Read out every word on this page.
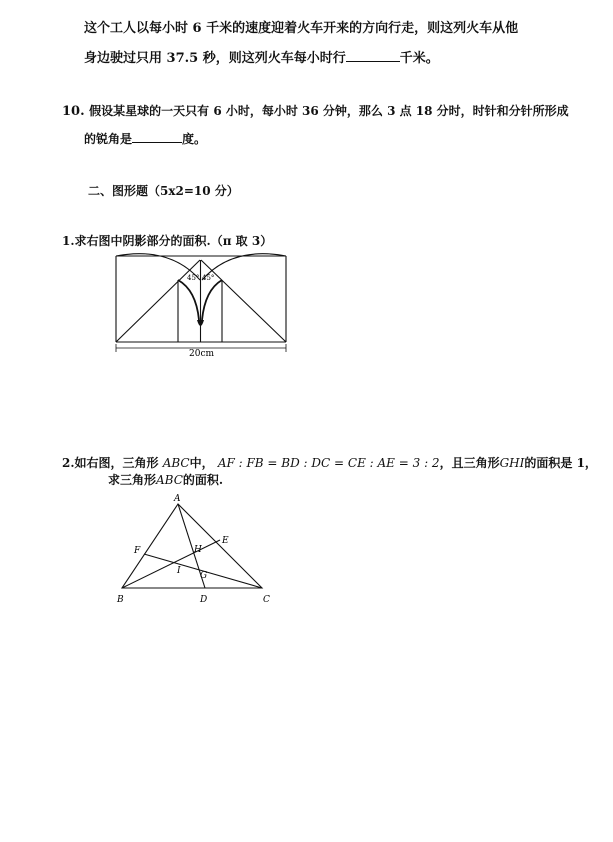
这个工人以每小时 6 千米的速度迎着火车开来的方向行走，则这列火车从他
身边驶过只用 37.5 秒，则这列火车每小时行	千米。
10. 假设某星球的一天只有 6 小时，每小时 36 分钟，那么 3 点 18 分时，时针和分针所形成
的锐角是	度。
二、图形题（5x2=10 分）
1.求右图中阴影部分的面积.（π 取 3）
45° 45°
20cm
2.如右图，三角形 ABC中， AF : FB = BD : DC = CE : AE = 3 : 2，且三角形GHI的面积是 1，
求三角形ABC的面积.
A
B	C
D
E
F
G
H
I
